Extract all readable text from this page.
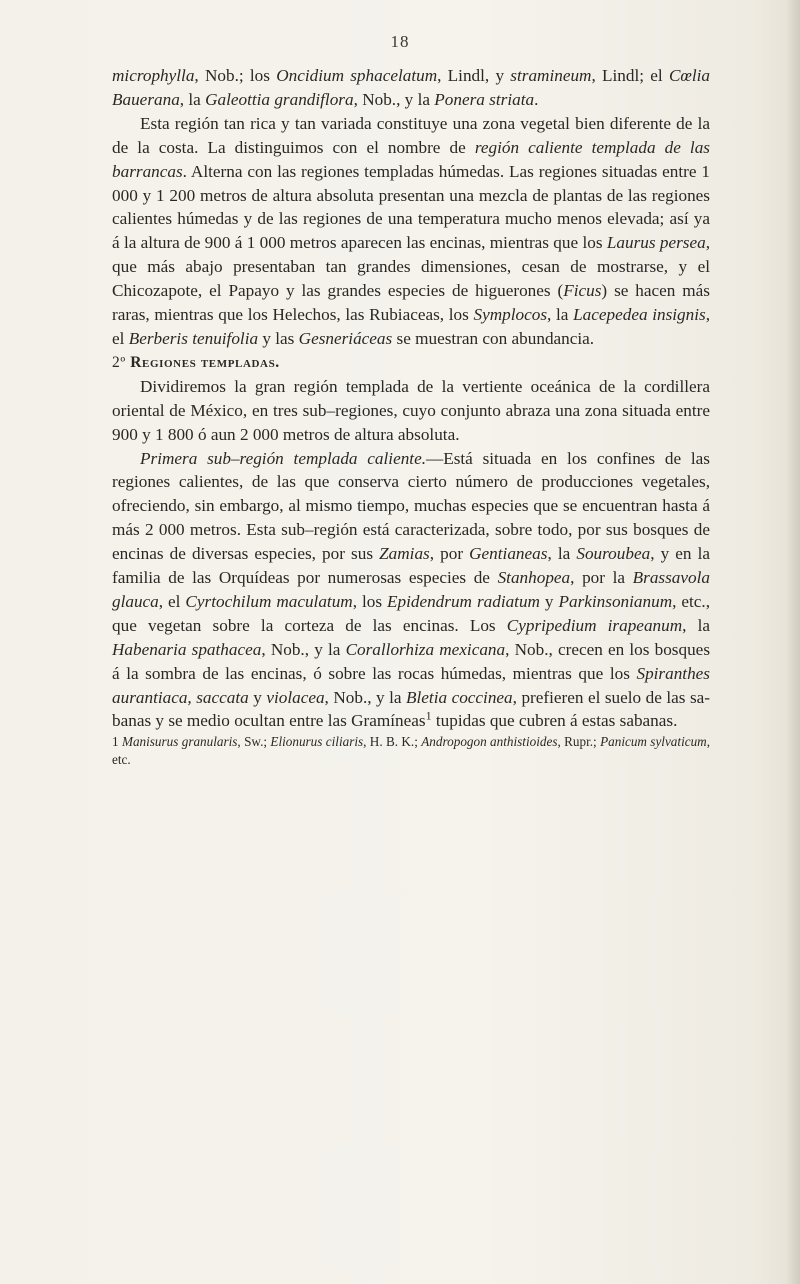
18

microphylla, Nob.; los Oncidium sphacelatum, Lindl, y stramineum, Lindl; el Cœlia Bauerana, la Galeottia grandiflora, Nob., y la Ponera striata.

Esta región tan rica y tan variada constituye una zona vegetal bien diferente de la de la costa. La distinguimos con el nombre de región caliente templada de las barrancas. Alterna con las regiones templadas húmedas. Las regiones situadas entre 1 000 y 1 200 metros de altura absoluta presentan una mezcla de plantas de las regiones calientes húmedas y de las regiones de una temperatura mucho menos elevada; así ya á la altura de 900 á 1 000 metros aparecen las encinas, mientras que los Laurus persea, que más abajo presentaban tan grandes dimensiones, cesan de mostrarse, y el Chicozapote, el Papayo y las grandes especies de higuerones (Ficus) se hacen más raras, mientras que los Helechos, las Rubiaceas, los Symplocos, la Lacepedea insignis, el Berberis tenuifolia y las Gesneriáceas se muestran con abundancia.

2º Regiones templadas.

Dividiremos la gran región templada de la vertiente oceánica de la cordillera oriental de México, en tres sub–regiones, cuyo conjunto abraza una zona situada entre 900 y 1 800 ó aun 2 000 metros de altura absoluta.

Primera sub–región templada caliente.—Está situada en los confines de las regiones calientes, de las que conserva cierto número de producciones vegetales, ofreciendo, sin embargo, al mismo tiempo, muchas especies que se encuentran hasta á más 2 000 metros. Esta sub–región está caracterizada, sobre todo, por sus bosques de encinas de diversas especies, por sus Zamias, por Gentianeas, la Souroubea, y en la familia de las Orquídeas por numerosas especies de Stanhopea, por la Brassavola glauca, el Cyrtochilum maculatum, los Epidendrum radiatum y Parkinsonianum, etc., que vegetan sobre la corteza de las encinas. Los Cypripedium irapeanum, la Habenaria spathacea, Nob., y la Corallorhiza mexicana, Nob., crecen en los bosques á la sombra de las encinas, ó sobre las rocas húmedas, mientras que los Spiranthes aurantiaca, saccata y violacea, Nob., y la Bletia coccinea, prefieren el suelo de las sabanas y se medio ocultan entre las Gramíneas$^1$ tupidas que cubren á estas sabanas.

1 Manisurus granularis, Sw.; Elionurus ciliaris, H. B. K.; Andropogon anthistioides, Rupr.; Panicum sylvaticum, etc.
